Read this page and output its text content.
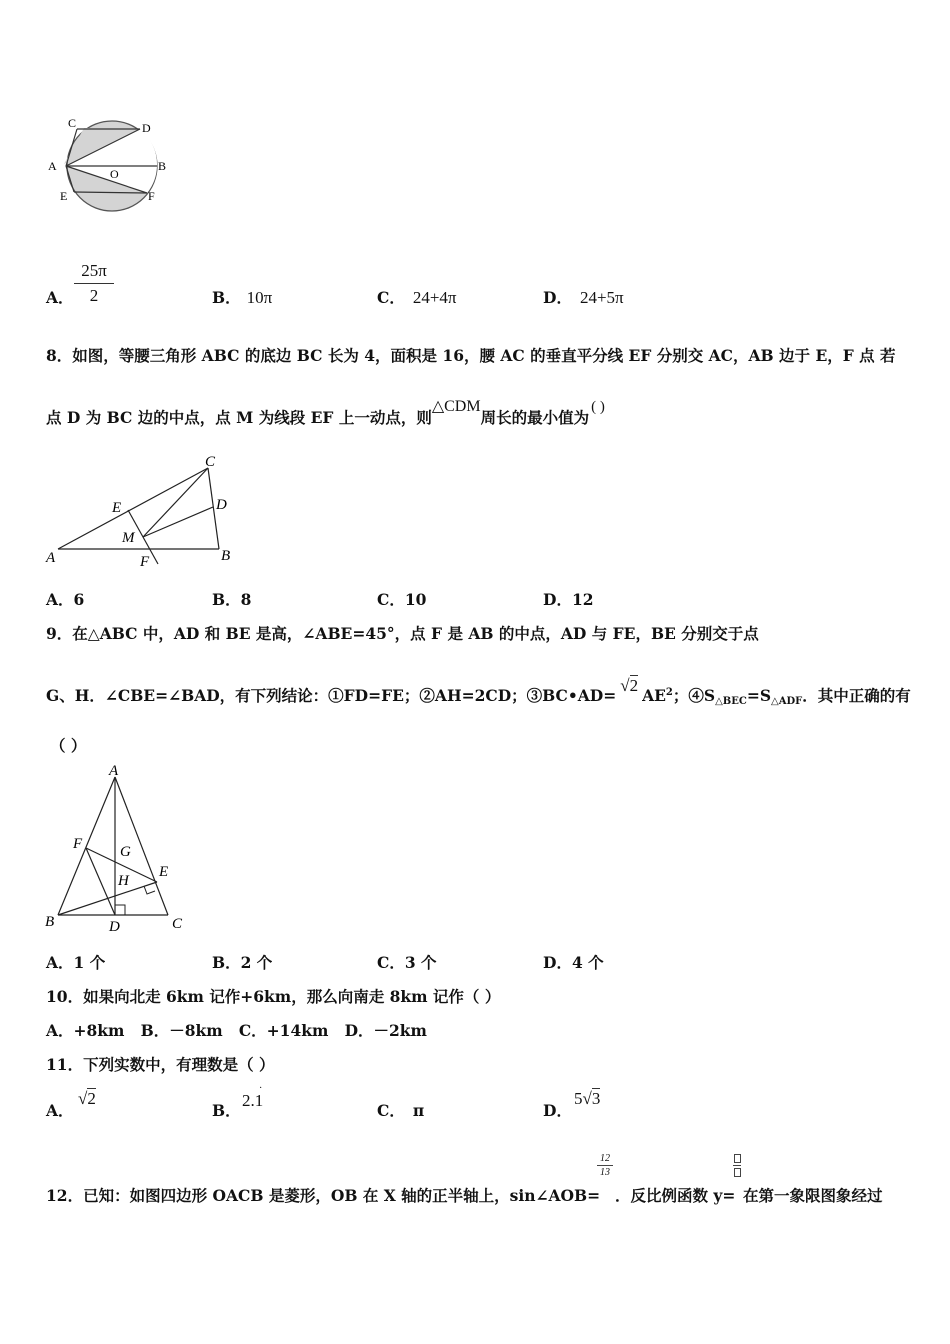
C	D
A
O
B
E	F
A．
25π
2	B． 10π	C． 24+4π	D． 24+5π
8．如图，等腰三角形 ABC 的底边 BC 长为 4，面积是 16，腰 AC 的垂直平分线 EF 分别交 AC，AB 边于 E，F 点 若
点 D 为 BC 边的中点，点 M 为线段 EF 上一动点，则△CDM周长的最小值为( )
C
E	D
M
A	F	B
A．6	B．8	C．10	D．12
9．在△ABC 中，AD 和 BE 是高，∠ABE=45°，点 F 是 AB 的中点，AD 与 FE，BE 分别交于点
G、H．∠CBE=∠BAD，有下列结论：①FD=FE；②AH=2CD；$③BC•AD=√2AE^2$；$④S_{\triangle BEC}=S_{\triangle ADF}$．其中正确的有
（ ）
A
F	G
E
H
B	D	C
A．1 个	B．2 个	C．3 个	D．4 个
10．如果向北走 6km 记作+6km，那么向南走 8km 记作（ ）
A．+8km   B．－8km   C．+14km   D．－2km
11．下列实数中，有理数是（ ）
A．
√2
B．
2.1
·
C． π	D．
5√3
12．已知：如图四边形 OACB 是菱形，OB 在 X 轴的正半轴上，sin∠AOB=
12
13
．反比例函数 y= 在第一象限图象经过
